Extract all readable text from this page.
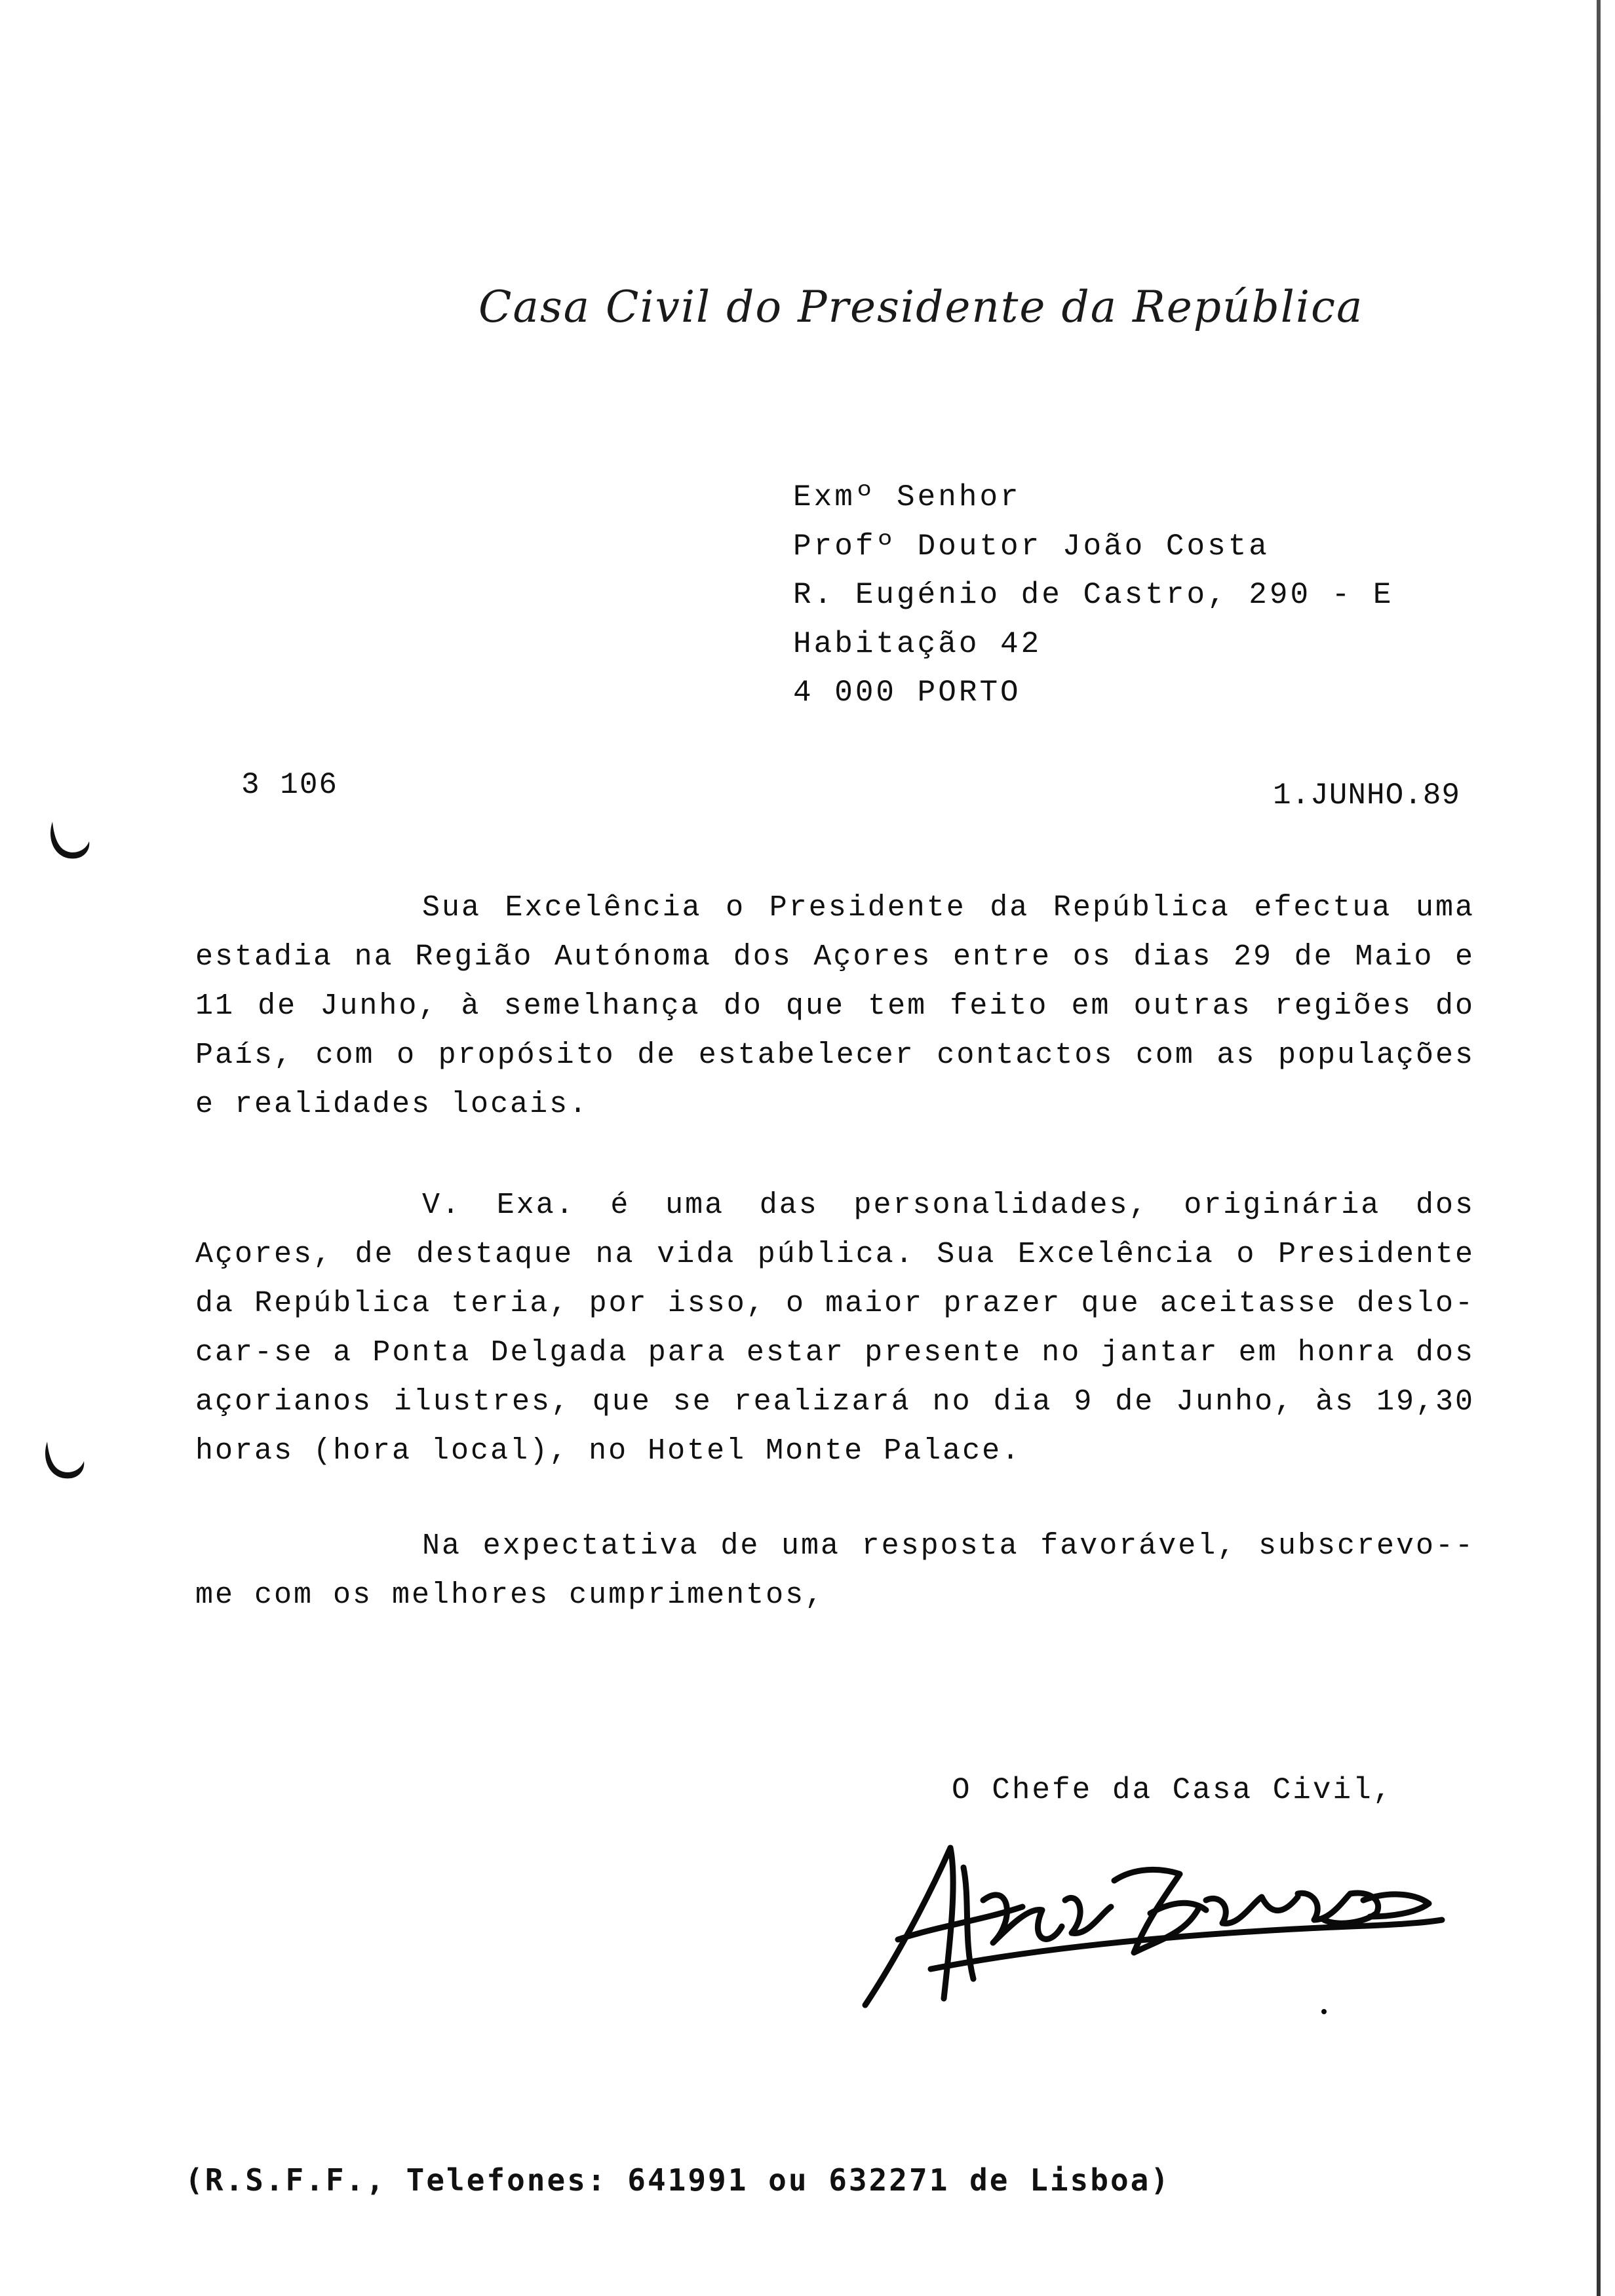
Casa Civil do Presidente da República
Exmº Senhor
Profº Doutor João Costa
R. Eugénio de Castro, 290 - E
Habitação 42
4 000 PORTO
3 106	1.JUNHO.89

Sua Excelência o Presidente da República efectua uma estadia na Região Autónoma dos Açores entre os dias 29 de Maio e 11 de Junho, à semelhança do que tem feito em outras regiões do País, com o propósito de estabelecer contactos com as populações e realidades locais.

V. Exa. é uma das personalidades, originária dos Açores, de destaque na vida pública. Sua Excelência o Presidente da República teria, por isso, o maior prazer que aceitasse deslo-car-se a Ponta Delgada para estar presente no jantar em honra dos açorianos ilustres, que se realizará no dia 9 de Junho, às 19,30 horas (hora local), no Hotel Monte Palace.

Na expectativa de uma resposta favorável, subscrevo--me com os melhores cumprimentos,

O Chefe da Casa Civil,
(R.S.F.F., Telefones: 641991 ou 632271 de Lisboa)
